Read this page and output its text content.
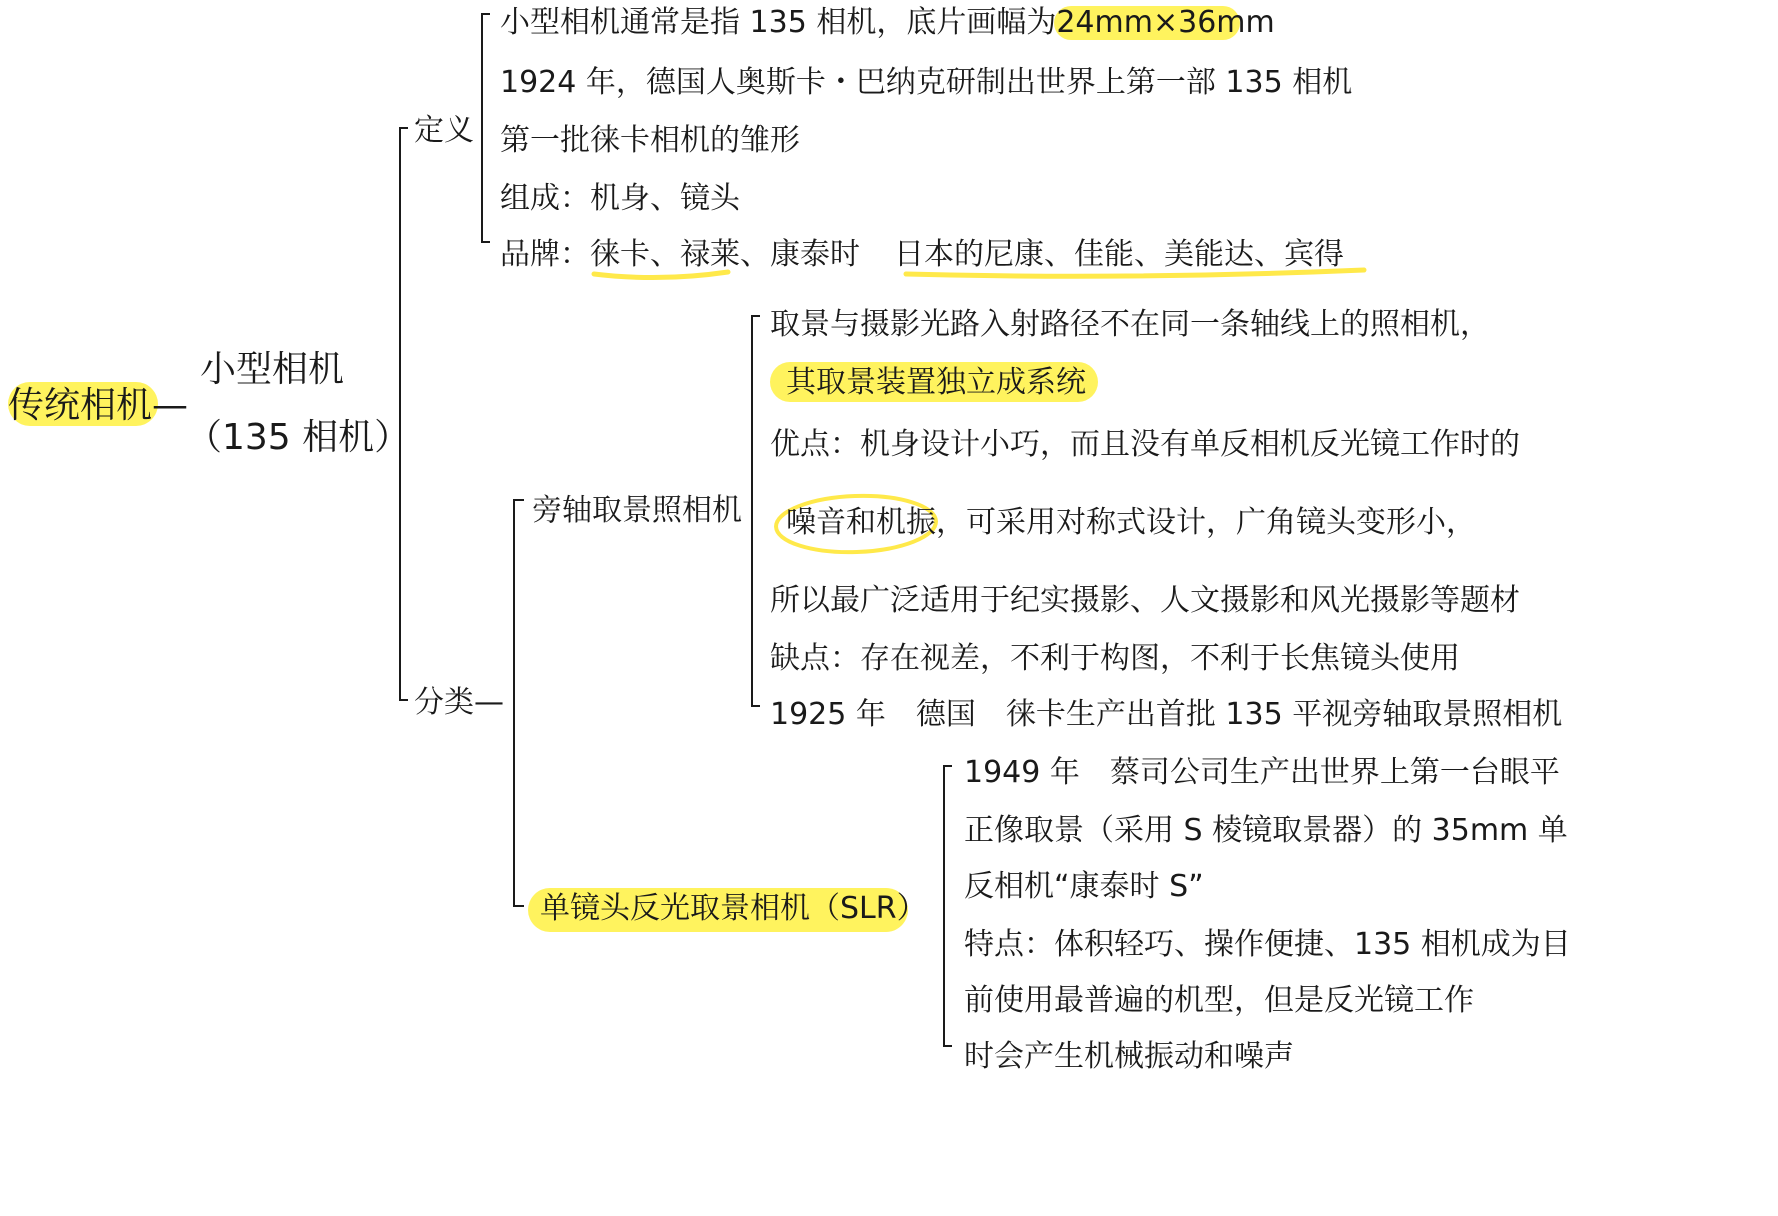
传统相机—
小型相机
（135 相机）
定义
小型相机通常是指 135 相机，底片画幅为24mm×36mm
1924 年，德国人奥斯卡・巴纳克研制出世界上第一部 135 相机
第一批徕卡相机的雏形
组成：机身、镜头
品牌：徕卡、禄莱、康泰时 日本的尼康、佳能、美能达、宾得
分类—
旁轴取景照相机
取景与摄影光路入射路径不在同一条轴线上的照相机，
其取景装置独立成系统
优点：机身设计小巧，而且没有单反相机反光镜工作时的
噪音和机振，可采用对称式设计，广角镜头变形小，
所以最广泛适用于纪实摄影、人文摄影和风光摄影等题材
缺点：存在视差，不利于构图，不利于长焦镜头使用
1925 年　德国　徕卡生产出首批 135 平视旁轴取景照相机
单镜头反光取景相机（SLR）
1949 年　蔡司公司生产出世界上第一台眼平
正像取景（采用 S 棱镜取景器）的 35mm 单
反相机“康泰时 S”
特点：体积轻巧、操作便捷、135 相机成为目
前使用最普遍的机型，但是反光镜工作
时会产生机械振动和噪声
